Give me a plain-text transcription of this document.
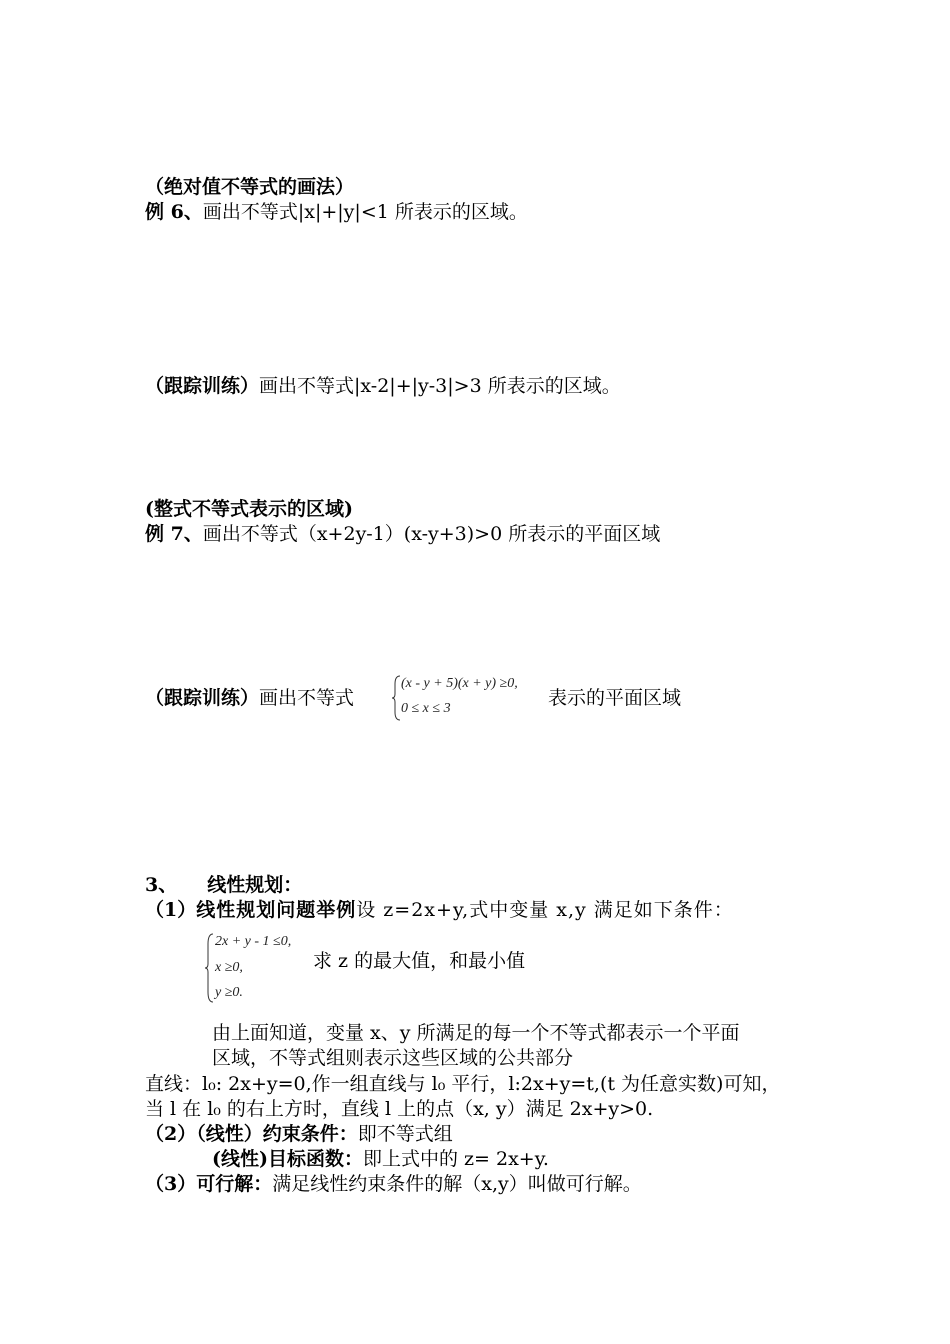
（绝对值不等式的画法）
例 6、画出不等式|x|+|y|<1 所表示的区域。
（跟踪训练）画出不等式|x-2|+|y-3|>3 所表示的区域。
(整式不等式表示的区域)
例 7、画出不等式（x+2y-1）(x-y+3)>0 所表示的平面区域
（跟踪训练）画出不等式
(x - y + 5)(x + y) ≥0,
0 ≤ x ≤ 3	表示的平面区域
3、 线性规划：
（1）线性规划问题举例设 z=2x+y,式中变量 x,y 满足如下条件：
2x + y - 1 ≤0,
x ≥0,
y ≥0.
求 z 的最大值，和最小值
由上面知道，变量 x、y 所满足的每一个不等式都表示一个平面
区域，不等式组则表示这些区域的公共部分
直线：l₀: 2x+y=0,作一组直线与 l₀ 平行，l:2x+y=t,(t 为任意实数)可知，
当 l 在 l₀ 的右上方时，直线 l 上的点（x, y）满足 2x+y>0.
（2）（线性）约束条件：即不等式组
(线性)目标函数：即上式中的 z= 2x+y.
（3）可行解：满足线性约束条件的解（x,y）叫做可行解。
